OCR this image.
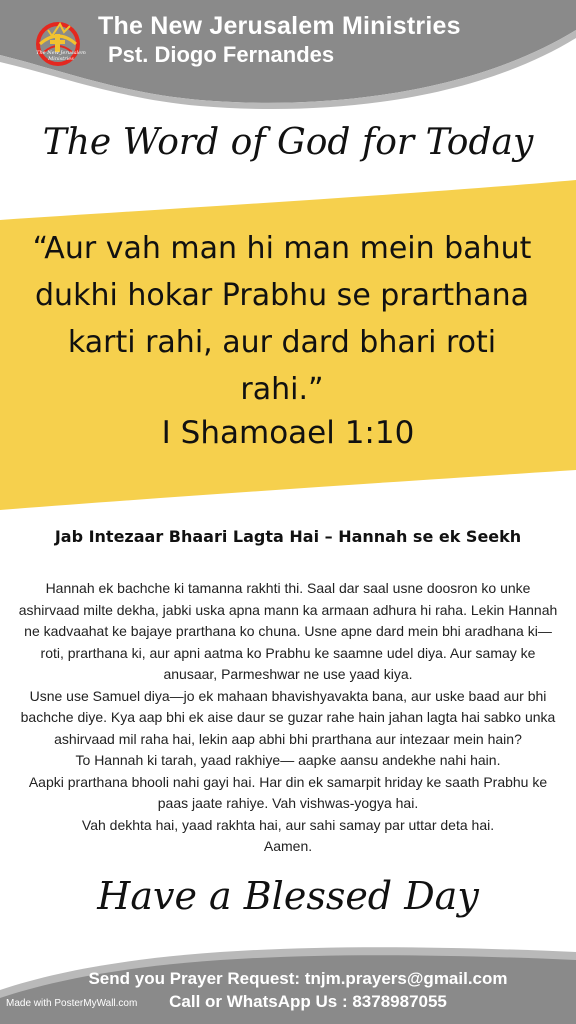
The New Jerusalem Ministries
The New Jerusalem Ministries
Pst. Diogo Fernandes
The Word of God for Today
“Aur vah man hi man mein bahut dukhi hokar Prabhu se prarthana karti rahi, aur dard bhari roti rahi.”
I Shamoael 1:10
Jab Intezaar Bhaari Lagta Hai – Hannah se ek Seekh

Hannah ek bachche ki tamanna rakhti thi. Saal dar saal usne doosron ko unke ashirvaad milte dekha, jabki uska apna mann ka armaan adhura hi raha. Lekin Hannah ne kadvaahat ke bajaye prarthana ko chuna. Usne apne dard mein bhi aradhana ki—roti, prarthana ki, aur apni aatma ko Prabhu ke saamne udel diya. Aur samay ke anusaar, Parmeshwar ne use yaad kiya.

Usne use Samuel diya—jo ek mahaan bhavishyavakta bana, aur uske baad aur bhi bachche diye. Kya aap bhi ek aise daur se guzar rahe hain jahan lagta hai sabko unka ashirvaad mil raha hai, lekin aap abhi bhi prarthana aur intezaar mein hain?

To Hannah ki tarah, yaad rakhiye— aapke aansu andekhe nahi hain.

Aapki prarthana bhooli nahi gayi hai. Har din ek samarpit hriday ke saath Prabhu ke paas jaate rahiye. Vah vishwas-yogya hai.

Vah dekhta hai, yaad rakhta hai, aur sahi samay par uttar deta hai.

Aamen.

Have a Blessed Day
Send you Prayer Request: tnjm.prayers@gmail.com
Call or WhatsApp Us : 8378987055
Made with PosterMyWall.com
